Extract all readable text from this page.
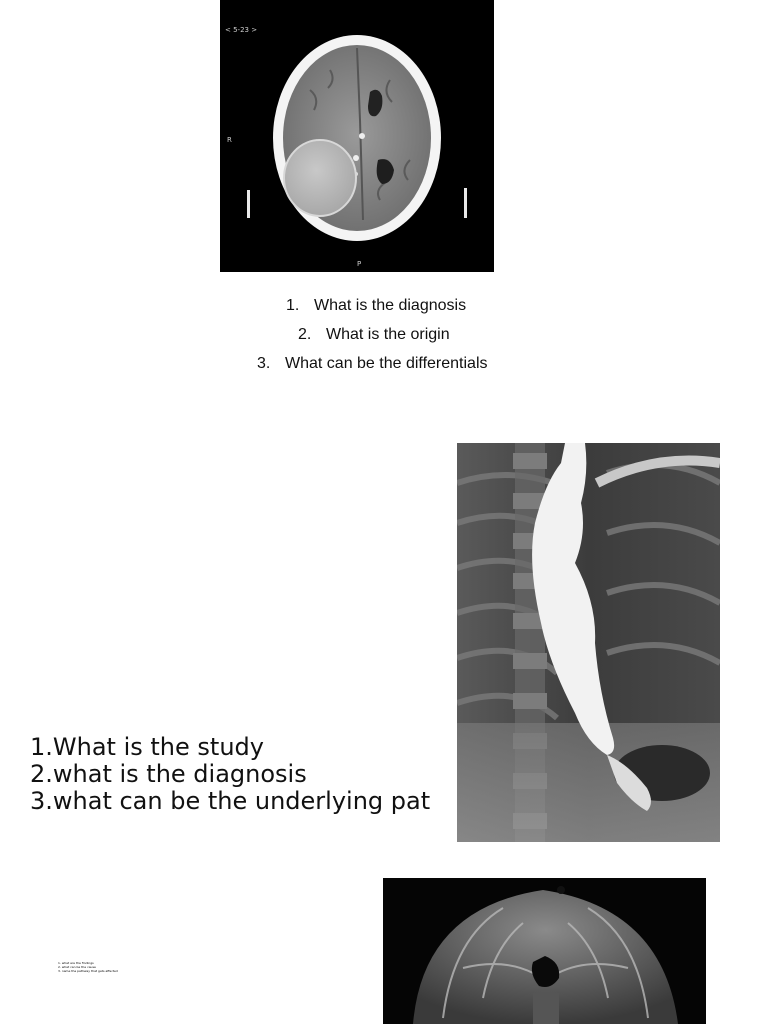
< 5-23 >
R
P
1. What is the diagnosis
2. What is the origin
3. What can be the differentials
1.What is the study
2.what is the diagnosis
3.what can be the underlying pat
1. what are the findings
2. what can be the cause
3. name the pathway that gets affected
